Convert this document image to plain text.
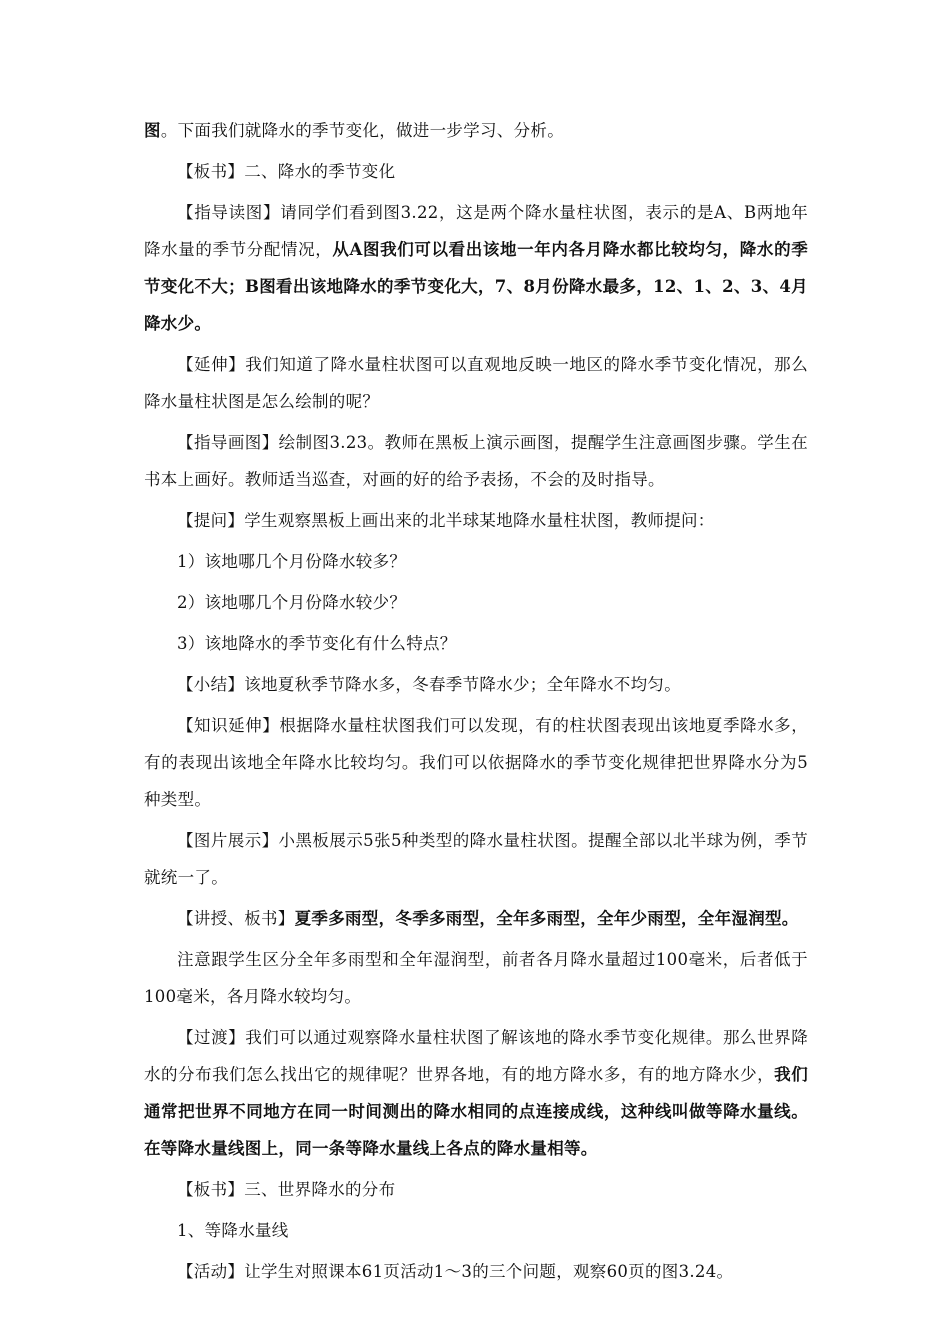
图。下面我们就降水的季节变化，做进一步学习、分析。

【板书】二、降水的季节变化

【指导读图】请同学们看到图3.22，这是两个降水量柱状图，表示的是A、B两地年降水量的季节分配情况，从A图我们可以看出该地一年内各月降水都比较均匀，降水的季节变化不大；B图看出该地降水的季节变化大，7、8月份降水最多，12、1、2、3、4月降水少。

【延伸】我们知道了降水量柱状图可以直观地反映一地区的降水季节变化情况，那么降水量柱状图是怎么绘制的呢？

【指导画图】绘制图3.23。教师在黑板上演示画图，提醒学生注意画图步骤。学生在书本上画好。教师适当巡查，对画的好的给予表扬，不会的及时指导。

【提问】学生观察黑板上画出来的北半球某地降水量柱状图，教师提问：

1）该地哪几个月份降水较多？

2）该地哪几个月份降水较少？

3）该地降水的季节变化有什么特点？

【小结】该地夏秋季节降水多，冬春季节降水少；全年降水不均匀。

【知识延伸】根据降水量柱状图我们可以发现，有的柱状图表现出该地夏季降水多，有的表现出该地全年降水比较均匀。我们可以依据降水的季节变化规律把世界降水分为5种类型。

【图片展示】小黑板展示5张5种类型的降水量柱状图。提醒全部以北半球为例，季节就统一了。

【讲授、板书】夏季多雨型，冬季多雨型，全年多雨型，全年少雨型，全年湿润型。

注意跟学生区分全年多雨型和全年湿润型，前者各月降水量超过100毫米，后者低于100毫米，各月降水较均匀。

【过渡】我们可以通过观察降水量柱状图了解该地的降水季节变化规律。那么世界降水的分布我们怎么找出它的规律呢？世界各地，有的地方降水多，有的地方降水少，我们通常把世界不同地方在同一时间测出的降水相同的点连接成线，这种线叫做等降水量线。在等降水量线图上，同一条等降水量线上各点的降水量相等。

【板书】三、世界降水的分布

1、等降水量线

【活动】让学生对照课本61页活动1～3的三个问题，观察60页的图3.24。
